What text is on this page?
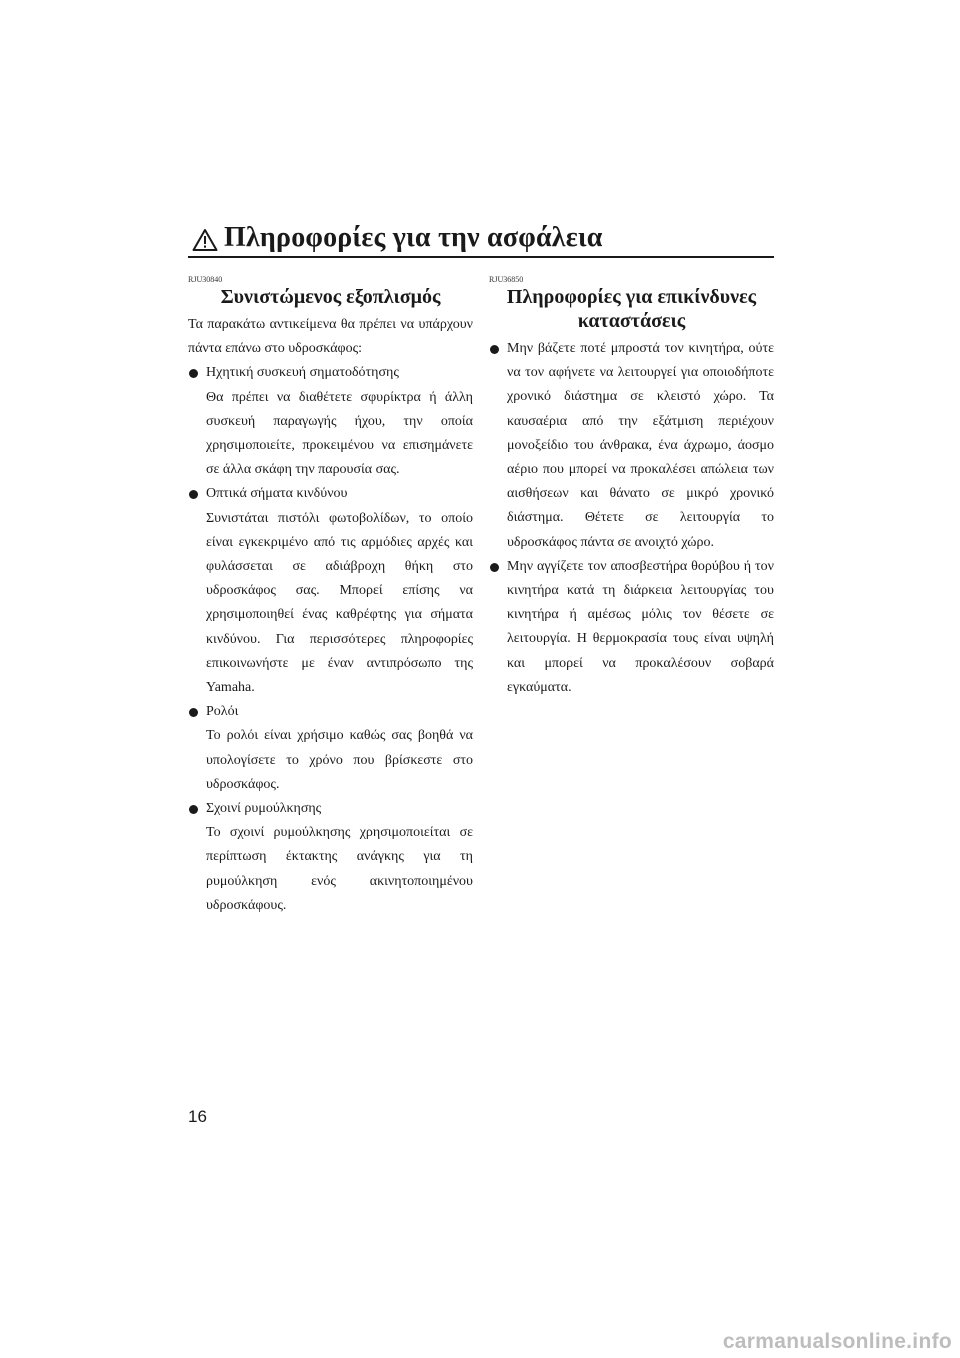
Πληροφορίες για την ασφάλεια
RJU30840
Συνιστώμενος εξοπλισμός

Τα παρακάτω αντικείμενα θα πρέπει να υπάρχουν πάντα επάνω στο υδροσκάφος:

Ηχητική συσκευή σηματοδότησης

Θα πρέπει να διαθέτετε σφυρίκτρα ή άλλη συσκευή παραγωγής ήχου, την οποία χρησιμοποιείτε, προκειμένου να επισημάνετε σε άλλα σκάφη την παρουσία σας.

Οπτικά σήματα κινδύνου

Συνιστάται πιστόλι φωτοβολίδων, το οποίο είναι εγκεκριμένο από τις αρμόδιες αρχές και φυλάσσεται σε αδιάβροχη θήκη στο υδροσκάφος σας. Μπορεί επίσης να χρησιμοποιηθεί ένας καθρέφτης για σήματα κινδύνου. Για περισσότερες πληροφορίες επικοινωνήστε με έναν αντιπρόσωπο της Yamaha.

Ρολόι

Το ρολόι είναι χρήσιμο καθώς σας βοηθά να υπολογίσετε το χρόνο που βρίσκεστε στο υδροσκάφος.

Σχοινί ρυμούλκησης

Το σχοινί ρυμούλκησης χρησιμοποιείται σε περίπτωση έκτακτης ανάγκης για τη ρυμούλκηση ενός ακινητοποιημένου υδροσκάφους.

RJU36850
Πληροφορίες για επικίνδυνες καταστάσεις

Μην βάζετε ποτέ μπροστά τον κινητήρα, ούτε να τον αφήνετε να λειτουργεί για οποιοδήποτε χρονικό διάστημα σε κλειστό χώρο. Τα καυσαέρια από την εξάτμιση περιέχουν μονοξείδιο του άνθρακα, ένα άχρωμο, άοσμο αέριο που μπορεί να προκαλέσει απώλεια των αισθήσεων και θάνατο σε μικρό χρονικό διάστημα. Θέτετε σε λειτουργία το υδροσκάφος πάντα σε ανοιχτό χώρο.

Μην αγγίζετε τον αποσβεστήρα θορύβου ή τον κινητήρα κατά τη διάρκεια λειτουργίας του κινητήρα ή αμέσως μόλις τον θέσετε σε λειτουργία. Η θερμοκρασία τους είναι υψηλή και μπορεί να προκαλέσουν σοβαρά εγκαύματα.

16
carmanualsonline.info
